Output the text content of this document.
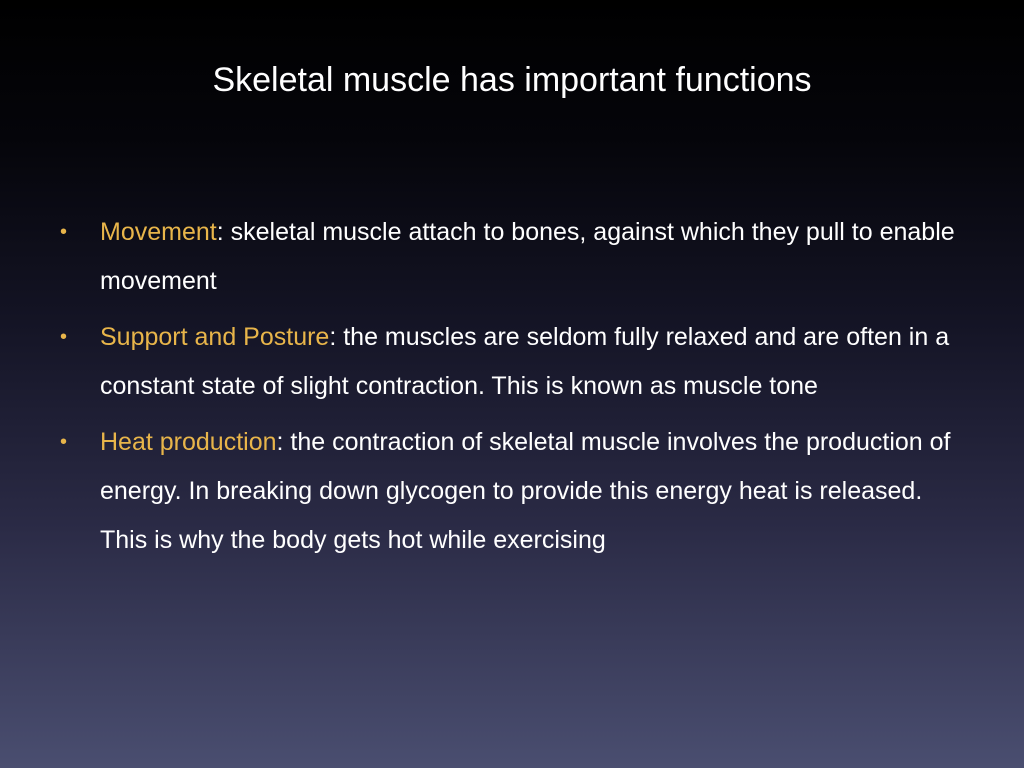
Skeletal muscle has important functions
• Movement: skeletal muscle attach to bones, against which they pull to enable movement
• Support and Posture: the muscles are seldom fully relaxed and are often in a constant state of slight contraction. This is known as muscle tone
• Heat production: the contraction of skeletal muscle involves the production of energy. In breaking down glycogen to provide this energy heat is released. This is why the body gets hot while exercising
